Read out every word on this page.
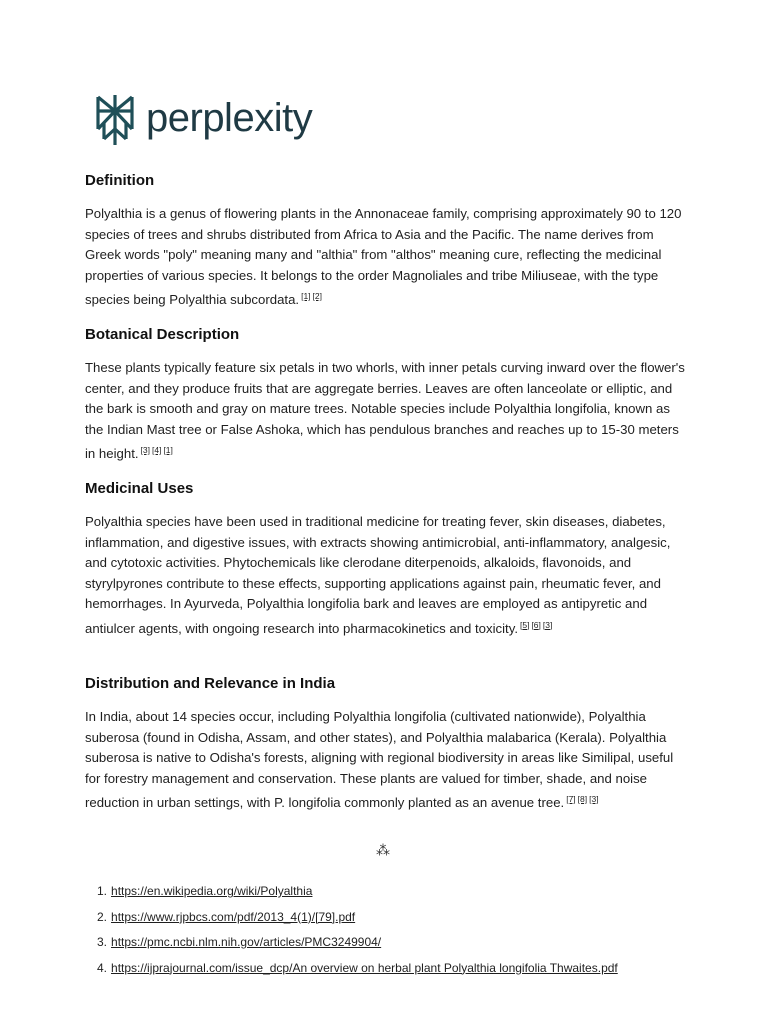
perplexity
Definition

Polyalthia is a genus of flowering plants in the Annonaceae family, comprising approximately 90 to 120 species of trees and shrubs distributed from Africa to Asia and the Pacific. The name derives from Greek words "poly" meaning many and "althia" from "althos" meaning cure, reflecting the medicinal properties of various species. It belongs to the order Magnoliales and tribe Miliuseae, with the type species being Polyalthia subcordata. [1] [2]

Botanical Description

These plants typically feature six petals in two whorls, with inner petals curving inward over the flower's center, and they produce fruits that are aggregate berries. Leaves are often lanceolate or elliptic, and the bark is smooth and gray on mature trees. Notable species include Polyalthia longifolia, known as the Indian Mast tree or False Ashoka, which has pendulous branches and reaches up to 15-30 meters in height. [3] [4] [1]

Medicinal Uses

Polyalthia species have been used in traditional medicine for treating fever, skin diseases, diabetes, inflammation, and digestive issues, with extracts showing antimicrobial, anti-inflammatory, analgesic, and cytotoxic activities. Phytochemicals like clerodane diterpenoids, alkaloids, flavonoids, and styrylpyrones contribute to these effects, supporting applications against pain, rheumatic fever, and hemorrhages. In Ayurveda, Polyalthia longifolia bark and leaves are employed as antipyretic and antiulcer agents, with ongoing research into pharmacokinetics and toxicity. [5] [6] [3]

Distribution and Relevance in India

In India, about 14 species occur, including Polyalthia longifolia (cultivated nationwide), Polyalthia suberosa (found in Odisha, Assam, and other states), and Polyalthia malabarica (Kerala). Polyalthia suberosa is native to Odisha's forests, aligning with regional biodiversity in areas like Similipal, useful for forestry management and conservation. These plants are valued for timber, shade, and noise reduction in urban settings, with P. longifolia commonly planted as an avenue tree. [7] [8] [3]

⁂
1. https://en.wikipedia.org/wiki/Polyalthia
2. https://www.rjpbcs.com/pdf/2013_4(1)/[79].pdf
3. https://pmc.ncbi.nlm.nih.gov/articles/PMC3249904/
4. https://ijprajournal.com/issue_dcp/An overview on herbal plant Polyalthia longifolia Thwaites.pdf
